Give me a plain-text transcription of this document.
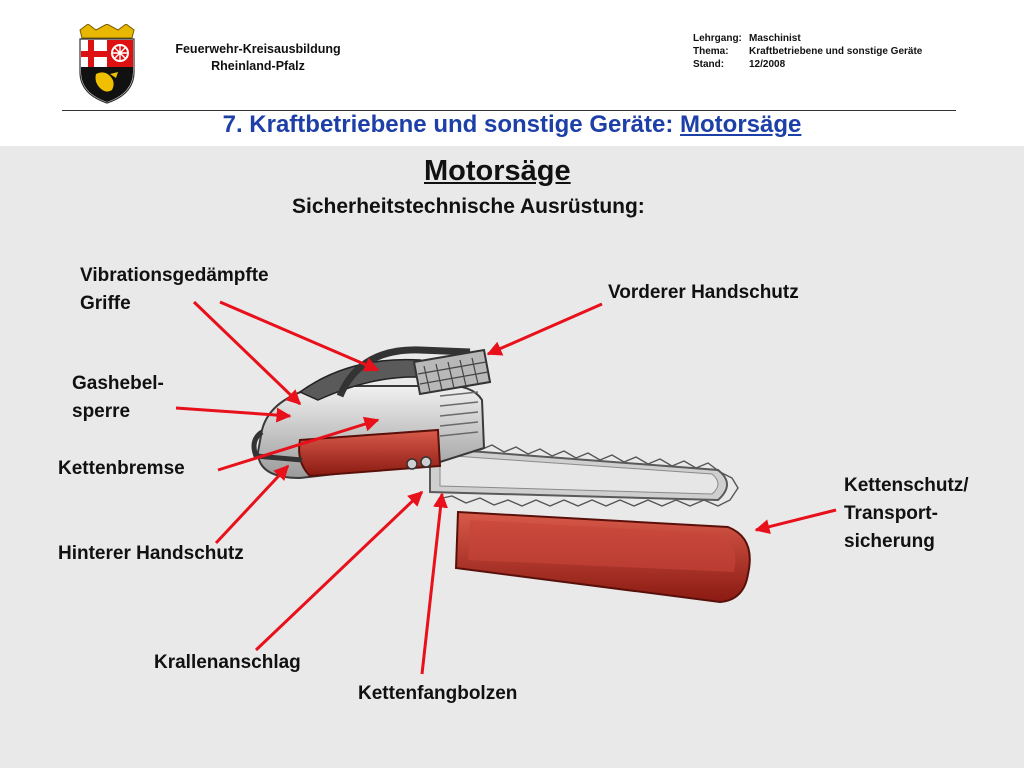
Feuerwehr-Kreisausbildung
Rheinland-Pfalz
Lehrgang: Maschinist
Thema: Kraftbetriebene und sonstige Geräte
Stand: 12/2008
7. Kraftbetriebene und sonstige Geräte: Motorsäge
Motorsäge
Sicherheitstechnische Ausrüstung:
Vibrationsgedämpfte
Griffe
Vorderer Handschutz
Gashebel-
sperre
Kettenbremse
Hinterer Handschutz
Kettenschutz/
Transport-
sicherung
Krallenanschlag
Kettenfangbolzen
